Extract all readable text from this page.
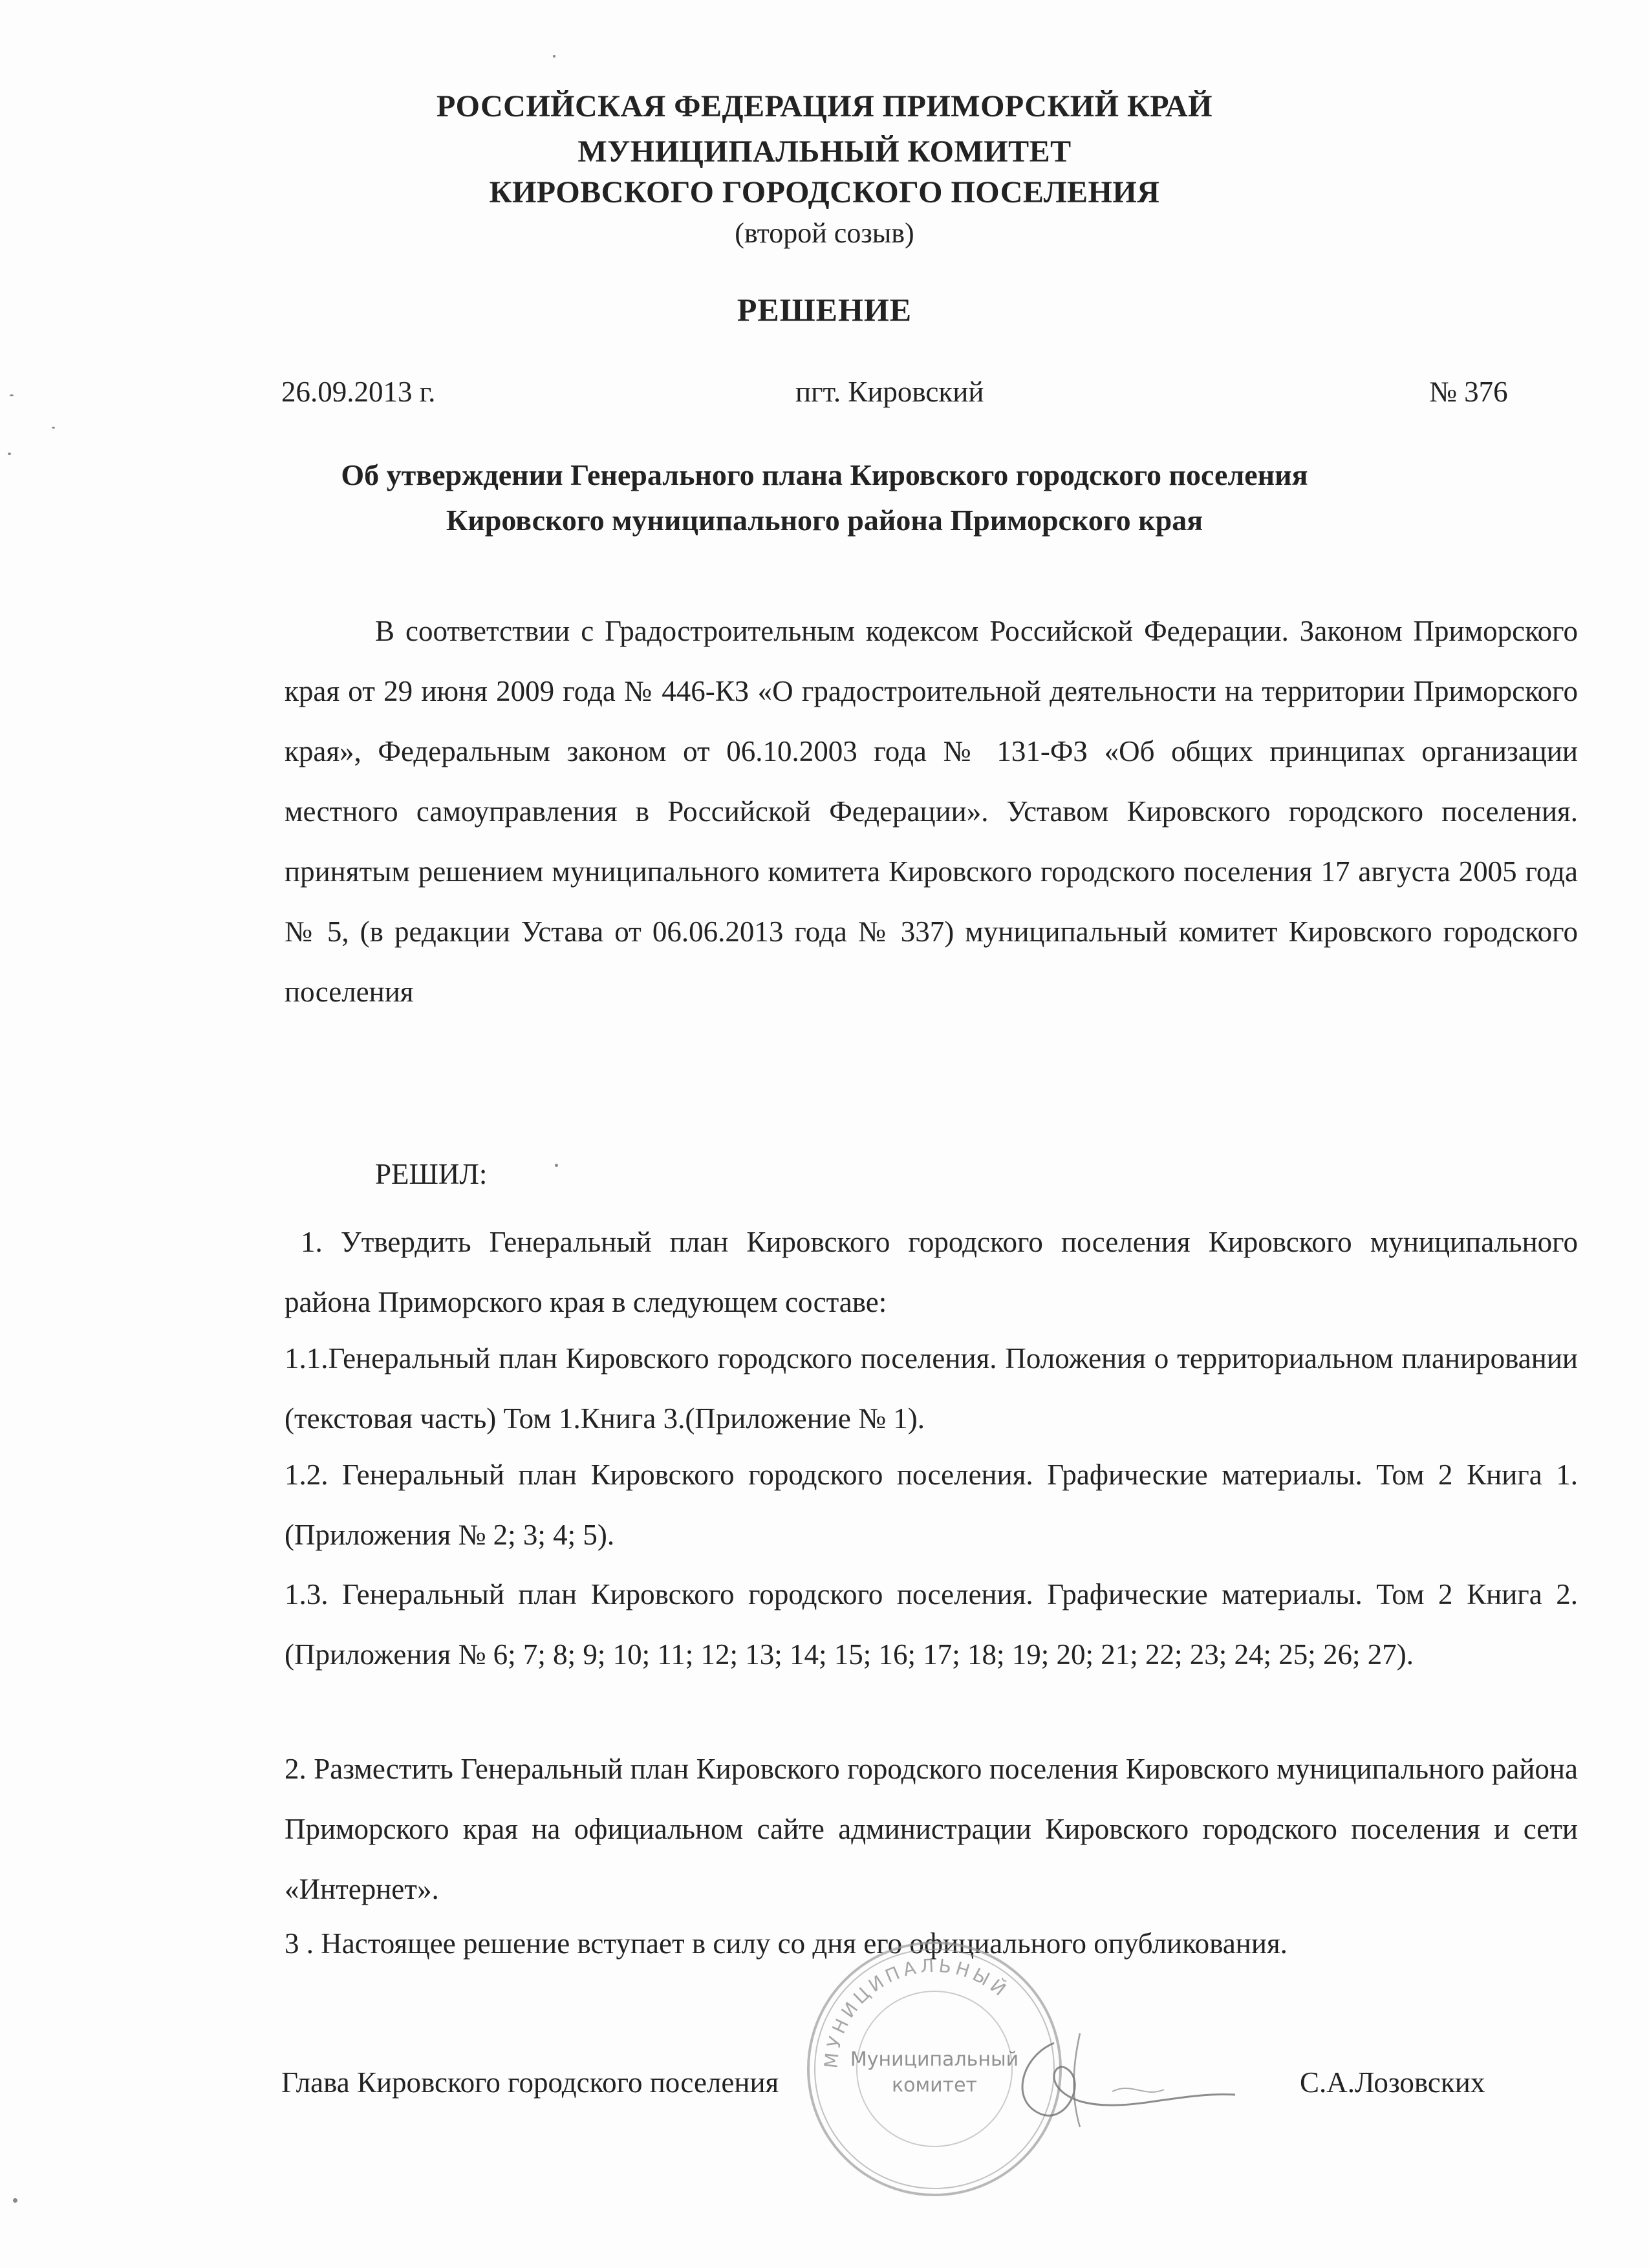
РОССИЙСКАЯ ФЕДЕРАЦИЯ ПРИМОРСКИЙ КРАЙ
МУНИЦИПАЛЬНЫЙ КОМИТЕТ
КИРОВСКОГО ГОРОДСКОГО ПОСЕЛЕНИЯ
(второй созыв)
РЕШЕНИЕ
26.09.2013 г.	пгт. Кировский	№ 376
Об утверждении Генерального плана Кировского городского поселения
Кировского муниципального района Приморского края
В соответствии с Градостроительным кодексом Российской Федерации. Законом Приморского края от 29 июня 2009 года № 446-КЗ «О градостроительной деятельности на территории Приморского края», Федеральным законом от 06.10.2003 года № 131-ФЗ «Об общих принципах организации местного самоуправления в Российской Федерации». Уставом Кировского городского поселения. принятым решением муниципального комитета Кировского городского поселения 17 августа 2005 года № 5, (в редакции Устава от 06.06.2013 года № 337) муниципальный комитет Кировского городского поселения
РЕШИЛ:
1. Утвердить Генеральный план Кировского городского поселения Кировского муниципального района Приморского края в следующем составе:
1.1.Генеральный план Кировского городского поселения. Положения о территориальном планировании (текстовая часть) Том 1.Книга 3.(Приложение № 1).
1.2. Генеральный план Кировского городского поселения. Графические материалы. Том 2 Книга 1. (Приложения № 2; 3; 4; 5).
1.3. Генеральный план Кировского городского поселения. Графические материалы. Том 2 Книга 2. (Приложения № 6; 7; 8; 9; 10; 11; 12; 13; 14; 15; 16; 17; 18; 19; 20; 21; 22; 23; 24; 25; 26; 27).
2. Разместить Генеральный план Кировского городского поселения Кировского муниципального района Приморского края на официальном сайте администрации Кировского городского поселения и сети «Интернет».
3 . Настоящее решение вступает в силу со дня его официального опубликования.
МУНИЦИПАЛЬНЫЙ
Муниципальный
комитет
Глава Кировского городского поселения	С.А.Лозовских
